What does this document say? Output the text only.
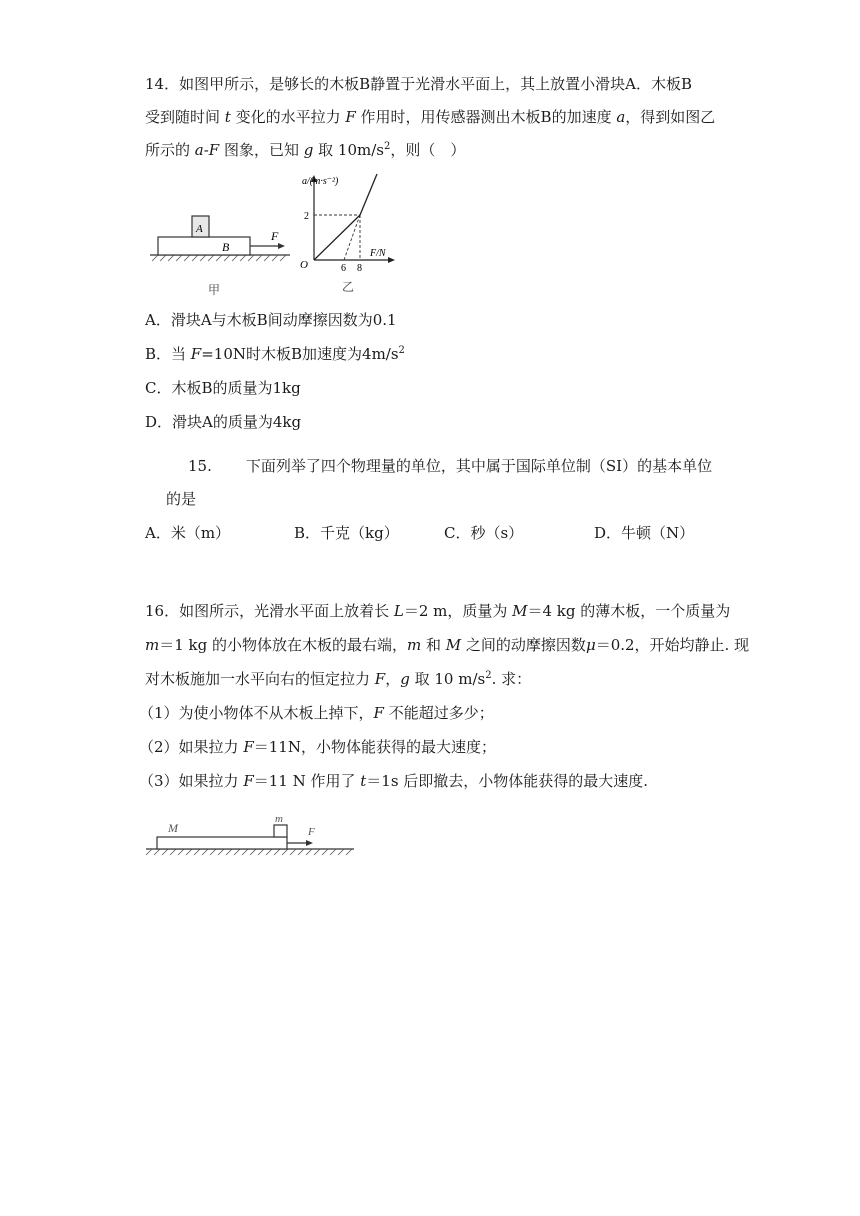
14．如图甲所示，是够长的木板B静置于光滑水平面上，其上放置小滑块A．木板B
受到随时间 t 变化的水平拉力 F 作用时，用传感器测出木板B的加速度 a，得到如图乙
所示的 a-F 图象，已知 g 取 $10m/s^2$，则（　）
B
A	F
甲
a/(m·s⁻²)
F/N
O
2
6 8
乙
A．滑块A与木板B间动摩擦因数为0.1
B．当 F=10N时木板B加速度为$4m/s^2$
C．木板B的质量为1kg
D．滑块A的质量为4kg
15. 下面列举了四个物理量的单位，其中属于国际单位制（SI）的基本单位
的是
A．米（m）	B．千克（kg）	C．秒（s）	D．牛顿（N）
16．如图所示，光滑水平面上放着长 L＝2 m，质量为 M＝4 kg 的薄木板，一个质量为
m＝1 kg 的小物体放在木板的最右端，m 和 M 之间的动摩擦因数μ＝0.2，开始均静止. 现
对木板施加一水平向右的恒定拉力 F，g 取 10 $m/s^2$. 求：
（1）为使小物体不从木板上掉下，F 不能超过多少；
（2）如果拉力 F＝11N，小物体能获得的最大速度；
（3）如果拉力 F＝11 N 作用了 t＝1s 后即撤去，小物体能获得的最大速度.
M
m
F
